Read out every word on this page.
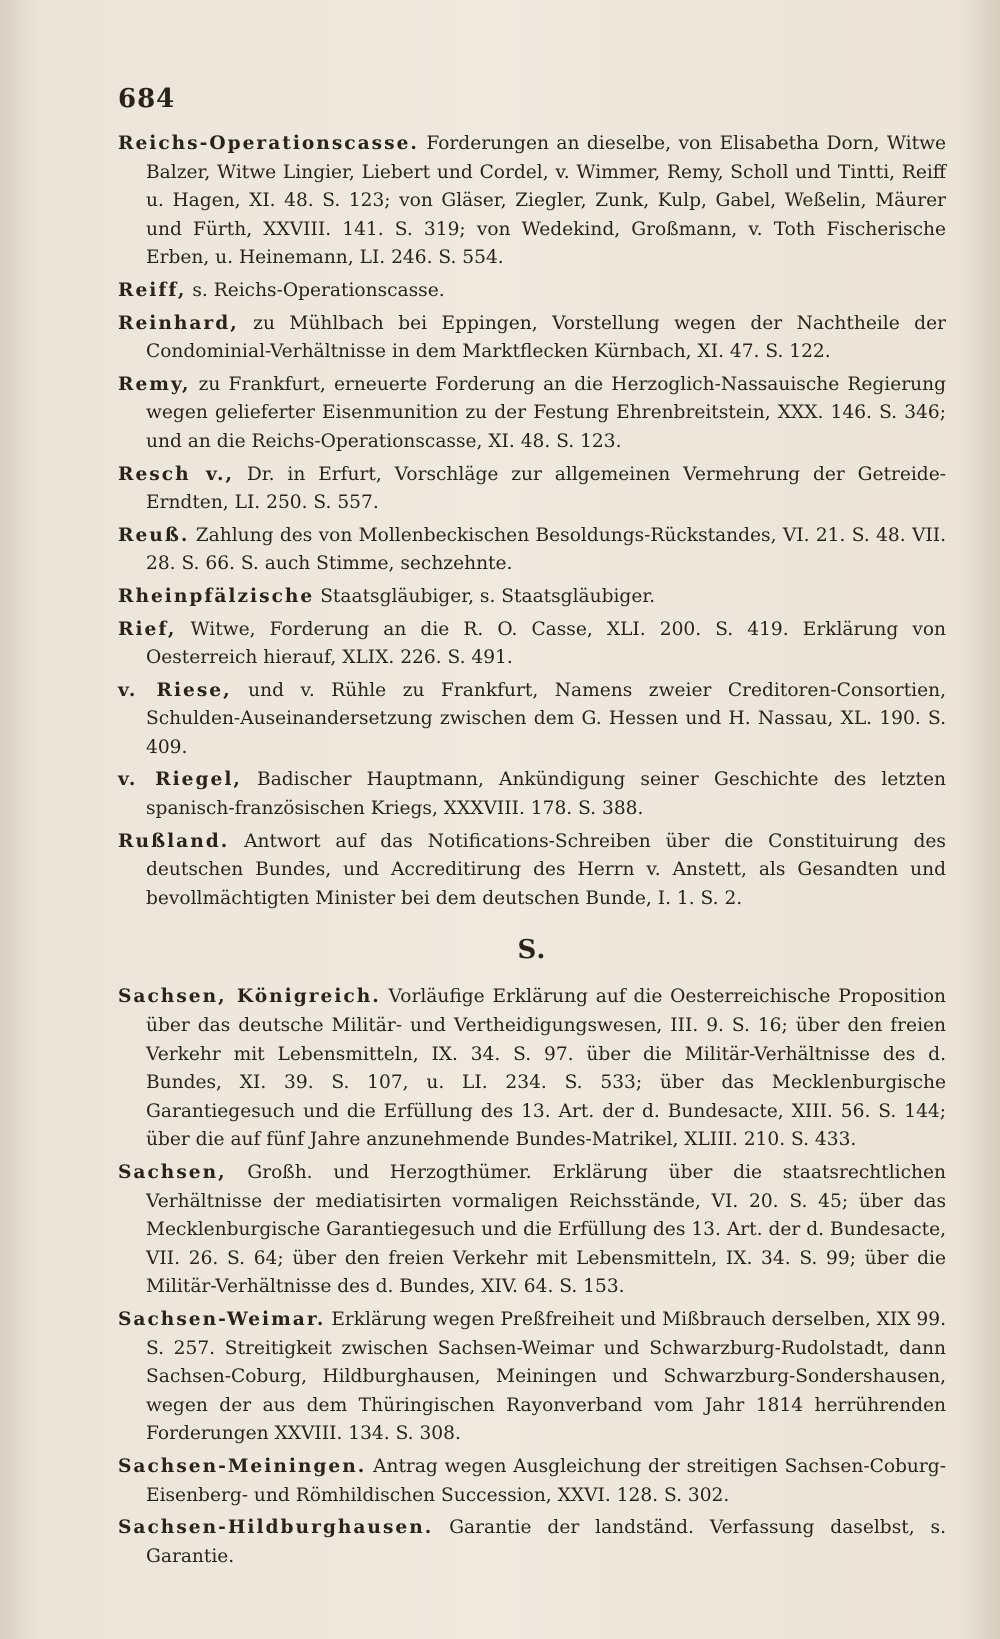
684

Reichs-Operationscasse. Forderungen an dieselbe, von Elisabetha Dorn, Witwe Balzer, Witwe Lingier, Liebert und Cordel, v. Wimmer, Remy, Scholl und Tintti, Reiff u. Hagen, XI. 48. S. 123; von Gläser, Ziegler, Zunk, Kulp, Gabel, Weßelin, Mäurer und Fürth, XXVIII. 141. S. 319; von Wedekind, Großmann, v. Toth Fischerische Erben, u. Heinemann, LI. 246. S. 554.

Reiff, s. Reichs-Operationscasse.

Reinhard, zu Mühlbach bei Eppingen, Vorstellung wegen der Nachtheile der Condominial-Verhältnisse in dem Marktflecken Kürnbach, XI. 47. S. 122.

Remy, zu Frankfurt, erneuerte Forderung an die Herzoglich-Nassauische Regierung wegen gelieferter Eisenmunition zu der Festung Ehrenbreitstein, XXX. 146. S. 346; und an die Reichs-Operationscasse, XI. 48. S. 123.

Resch v., Dr. in Erfurt, Vorschläge zur allgemeinen Vermehrung der Getreide-Erndten, LI. 250. S. 557.

Reuß. Zahlung des von Mollenbeckischen Besoldungs-Rückstandes, VI. 21. S. 48. VII. 28. S. 66. S. auch Stimme, sechzehnte.

Rheinpfälzische Staatsgläubiger, s. Staatsgläubiger.

Rief, Witwe, Forderung an die R. O. Casse, XLI. 200. S. 419. Erklärung von Oesterreich hierauf, XLIX. 226. S. 491.

v. Riese, und v. Rühle zu Frankfurt, Namens zweier Creditoren-Consortien, Schulden-Auseinandersetzung zwischen dem G. Hessen und H. Nassau, XL. 190. S. 409.

v. Riegel, Badischer Hauptmann, Ankündigung seiner Geschichte des letzten spanisch-französischen Kriegs, XXXVIII. 178. S. 388.

Rußland. Antwort auf das Notifications-Schreiben über die Constituirung des deutschen Bundes, und Accreditirung des Herrn v. Anstett, als Gesandten und bevollmächtigten Minister bei dem deutschen Bunde, I. 1. S. 2.

S.

Sachsen, Königreich. Vorläufige Erklärung auf die Oesterreichische Proposition über das deutsche Militär- und Vertheidigungswesen, III. 9. S. 16; über den freien Verkehr mit Lebensmitteln, IX. 34. S. 97. über die Militär-Verhältnisse des d. Bundes, XI. 39. S. 107, u. LI. 234. S. 533; über das Mecklenburgische Garantiegesuch und die Erfüllung des 13. Art. der d. Bundesacte, XIII. 56. S. 144; über die auf fünf Jahre anzunehmende Bundes-Matrikel, XLIII. 210. S. 433.

Sachsen, Großh. und Herzogthümer. Erklärung über die staatsrechtlichen Verhältnisse der mediatisirten vormaligen Reichsstände, VI. 20. S. 45; über das Mecklenburgische Garantiegesuch und die Erfüllung des 13. Art. der d. Bundesacte, VII. 26. S. 64; über den freien Verkehr mit Lebensmitteln, IX. 34. S. 99; über die Militär-Verhältnisse des d. Bundes, XIV. 64. S. 153.

Sachsen-Weimar. Erklärung wegen Preßfreiheit und Mißbrauch derselben, XIX 99. S. 257. Streitigkeit zwischen Sachsen-Weimar und Schwarzburg-Rudolstadt, dann Sachsen-Coburg, Hildburghausen, Meiningen und Schwarzburg-Sondershausen, wegen der aus dem Thüringischen Rayonverband vom Jahr 1814 herrührenden Forderungen XXVIII. 134. S. 308.

Sachsen-Meiningen. Antrag wegen Ausgleichung der streitigen Sachsen-Coburg-Eisenberg- und Römhildischen Succession, XXVI. 128. S. 302.

Sachsen-Hildburghausen. Garantie der landständ. Verfassung daselbst, s. Garantie.
